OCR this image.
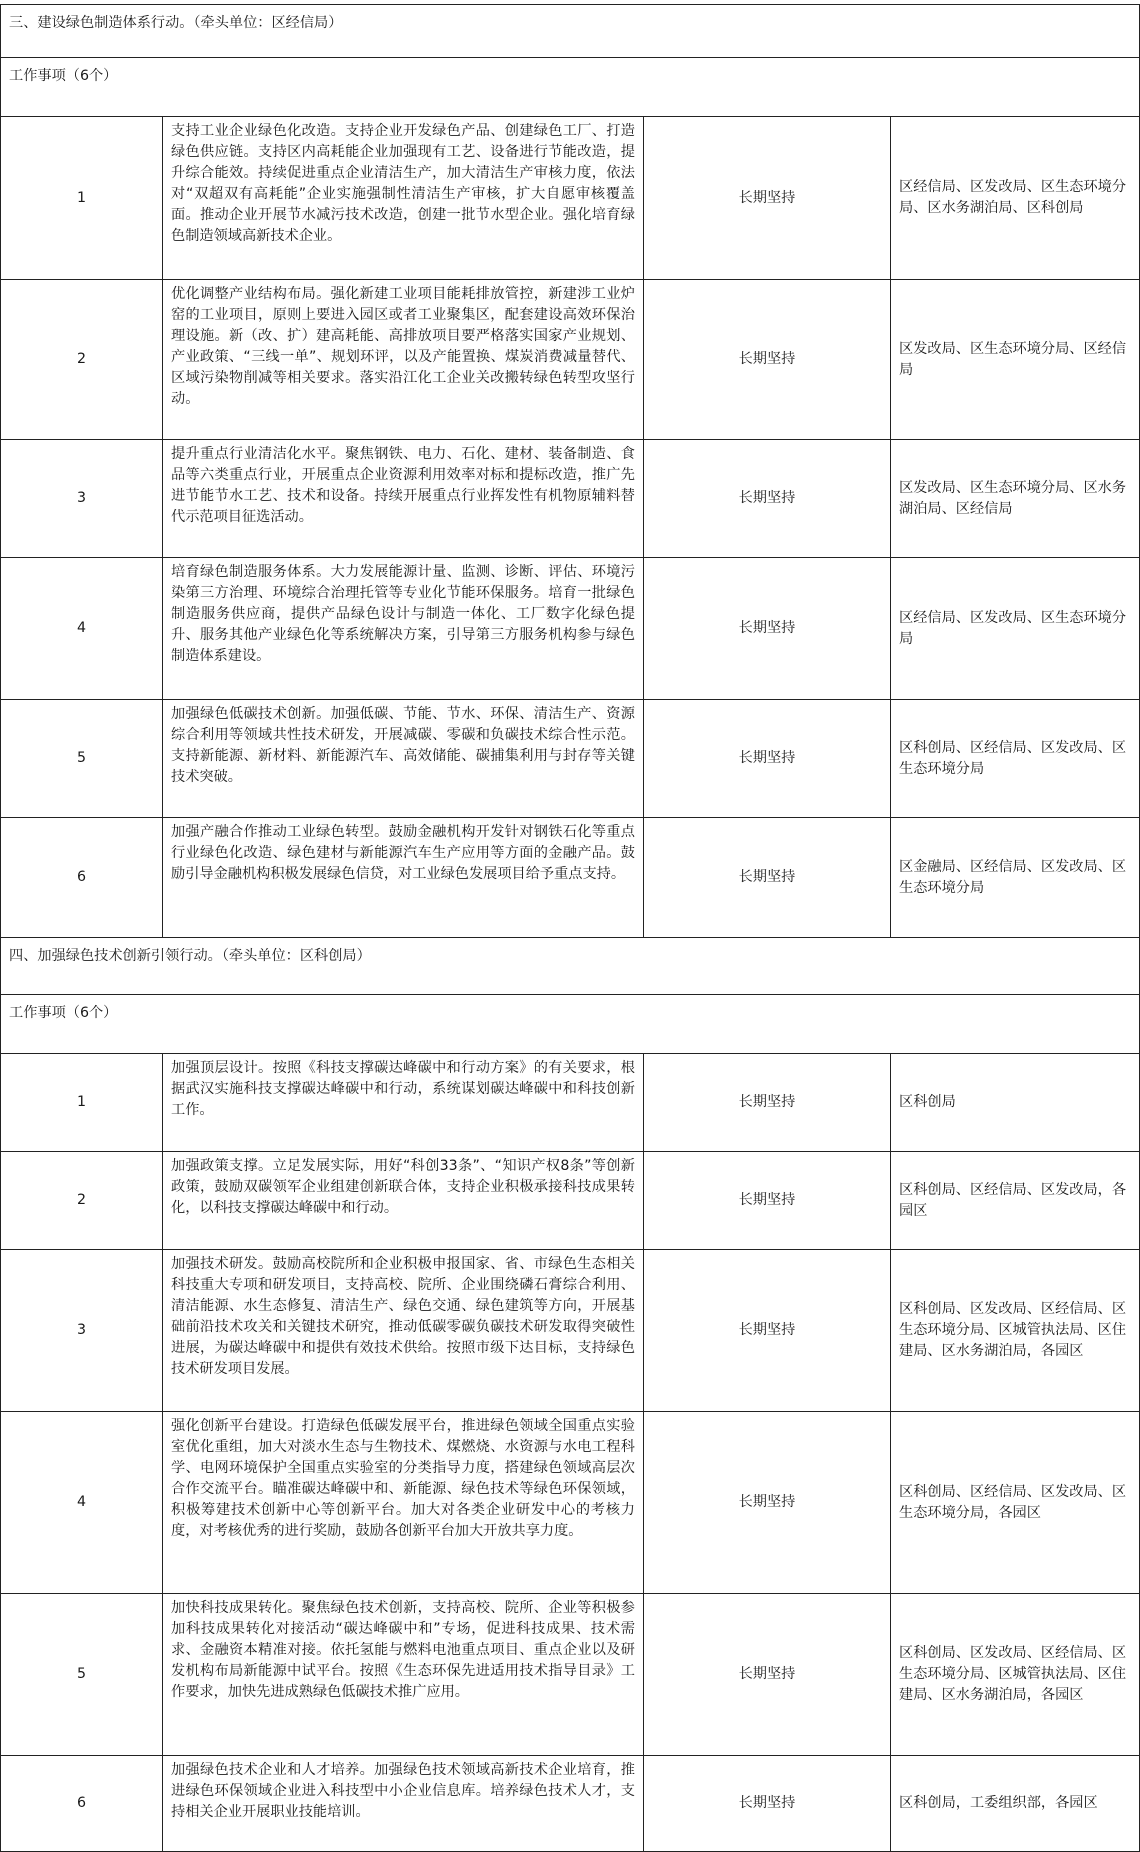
三、建设绿色制造体系行动。（牵头单位：区经信局）			
工作事项（6个）			
1	支持工业企业绿色化改造。支持企业开发绿色产品、创建绿色工厂、打造绿色供应链。支持区内高耗能企业加强现有工艺、设备进行节能改造，提升综合能效。持续促进重点企业清洁生产，加大清洁生产审核力度，依法对“双超双有高耗能”企业实施强制性清洁生产审核，扩大自愿审核覆盖面。推动企业开展节水减污技术改造，创建一批节水型企业。强化培育绿色制造领域高新技术企业。	长期坚持	区经信局、区发改局、区生态环境分局、区水务湖泊局、区科创局
2	优化调整产业结构布局。强化新建工业项目能耗排放管控，新建涉工业炉窑的工业项目，原则上要进入园区或者工业聚集区，配套建设高效环保治理设施。新（改、扩）建高耗能、高排放项目要严格落实国家产业规划、产业政策、“三线一单”、规划环评，以及产能置换、煤炭消费减量替代、区域污染物削减等相关要求。落实沿江化工企业关改搬转绿色转型攻坚行动。	长期坚持	区发改局、区生态环境分局、区经信局
3	提升重点行业清洁化水平。聚焦钢铁、电力、石化、建材、装备制造、食品等六类重点行业，开展重点企业资源利用效率对标和提标改造，推广先进节能节水工艺、技术和设备。持续开展重点行业挥发性有机物原辅料替代示范项目征选活动。	长期坚持	区发改局、区生态环境分局、区水务湖泊局、区经信局
4	培育绿色制造服务体系。大力发展能源计量、监测、诊断、评估、环境污染第三方治理、环境综合治理托管等专业化节能环保服务。培育一批绿色制造服务供应商，提供产品绿色设计与制造一体化、工厂数字化绿色提升、服务其他产业绿色化等系统解决方案，引导第三方服务机构参与绿色制造体系建设。	长期坚持	区经信局、区发改局、区生态环境分局
5	加强绿色低碳技术创新。加强低碳、节能、节水、环保、清洁生产、资源综合利用等领域共性技术研发，开展减碳、零碳和负碳技术综合性示范。支持新能源、新材料、新能源汽车、高效储能、碳捕集利用与封存等关键技术突破。	长期坚持	区科创局、区经信局、区发改局、区生态环境分局
6	加强产融合作推动工业绿色转型。鼓励金融机构开发针对钢铁石化等重点行业绿色化改造、绿色建材与新能源汽车生产应用等方面的金融产品。鼓励引导金融机构积极发展绿色信贷，对工业绿色发展项目给予重点支持。	长期坚持	区金融局、区经信局、区发改局、区生态环境分局
四、加强绿色技术创新引领行动。（牵头单位：区科创局）			
工作事项（6个）			
1	加强顶层设计。按照《科技支撑碳达峰碳中和行动方案》的有关要求，根据武汉实施科技支撑碳达峰碳中和行动，系统谋划碳达峰碳中和科技创新工作。	长期坚持	区科创局
2	加强政策支撑。立足发展实际，用好“科创33条”、“知识产权8条”等创新政策，鼓励双碳领军企业组建创新联合体，支持企业积极承接科技成果转化，以科技支撑碳达峰碳中和行动。	长期坚持	区科创局、区经信局、区发改局，各园区
3	加强技术研发。鼓励高校院所和企业积极申报国家、省、市绿色生态相关科技重大专项和研发项目，支持高校、院所、企业围绕磷石膏综合利用、清洁能源、水生态修复、清洁生产、绿色交通、绿色建筑等方向，开展基础前沿技术攻关和关键技术研究，推动低碳零碳负碳技术研发取得突破性进展，为碳达峰碳中和提供有效技术供给。按照市级下达目标，支持绿色技术研发项目发展。	长期坚持	区科创局、区发改局、区经信局、区生态环境分局、区城管执法局、区住建局、区水务湖泊局，各园区
4	强化创新平台建设。打造绿色低碳发展平台，推进绿色领域全国重点实验室优化重组，加大对淡水生态与生物技术、煤燃烧、水资源与水电工程科学、电网环境保护全国重点实验室的分类指导力度，搭建绿色领域高层次合作交流平台。瞄准碳达峰碳中和、新能源、绿色技术等绿色环保领域，积极筹建技术创新中心等创新平台。加大对各类企业研发中心的考核力度，对考核优秀的进行奖励，鼓励各创新平台加大开放共享力度。	长期坚持	区科创局、区经信局、区发改局、区生态环境分局，各园区
5	加快科技成果转化。聚焦绿色技术创新，支持高校、院所、企业等积极参加科技成果转化对接活动“碳达峰碳中和”专场，促进科技成果、技术需求、金融资本精准对接。依托氢能与燃料电池重点项目、重点企业以及研发机构布局新能源中试平台。按照《生态环保先进适用技术指导目录》工作要求，加快先进成熟绿色低碳技术推广应用。	长期坚持	区科创局、区发改局、区经信局、区生态环境分局、区城管执法局、区住建局、区水务湖泊局，各园区
6	加强绿色技术企业和人才培养。加强绿色技术领域高新技术企业培育，推进绿色环保领域企业进入科技型中小企业信息库。培养绿色技术人才，支持相关企业开展职业技能培训。	长期坚持	区科创局，工委组织部，各园区
